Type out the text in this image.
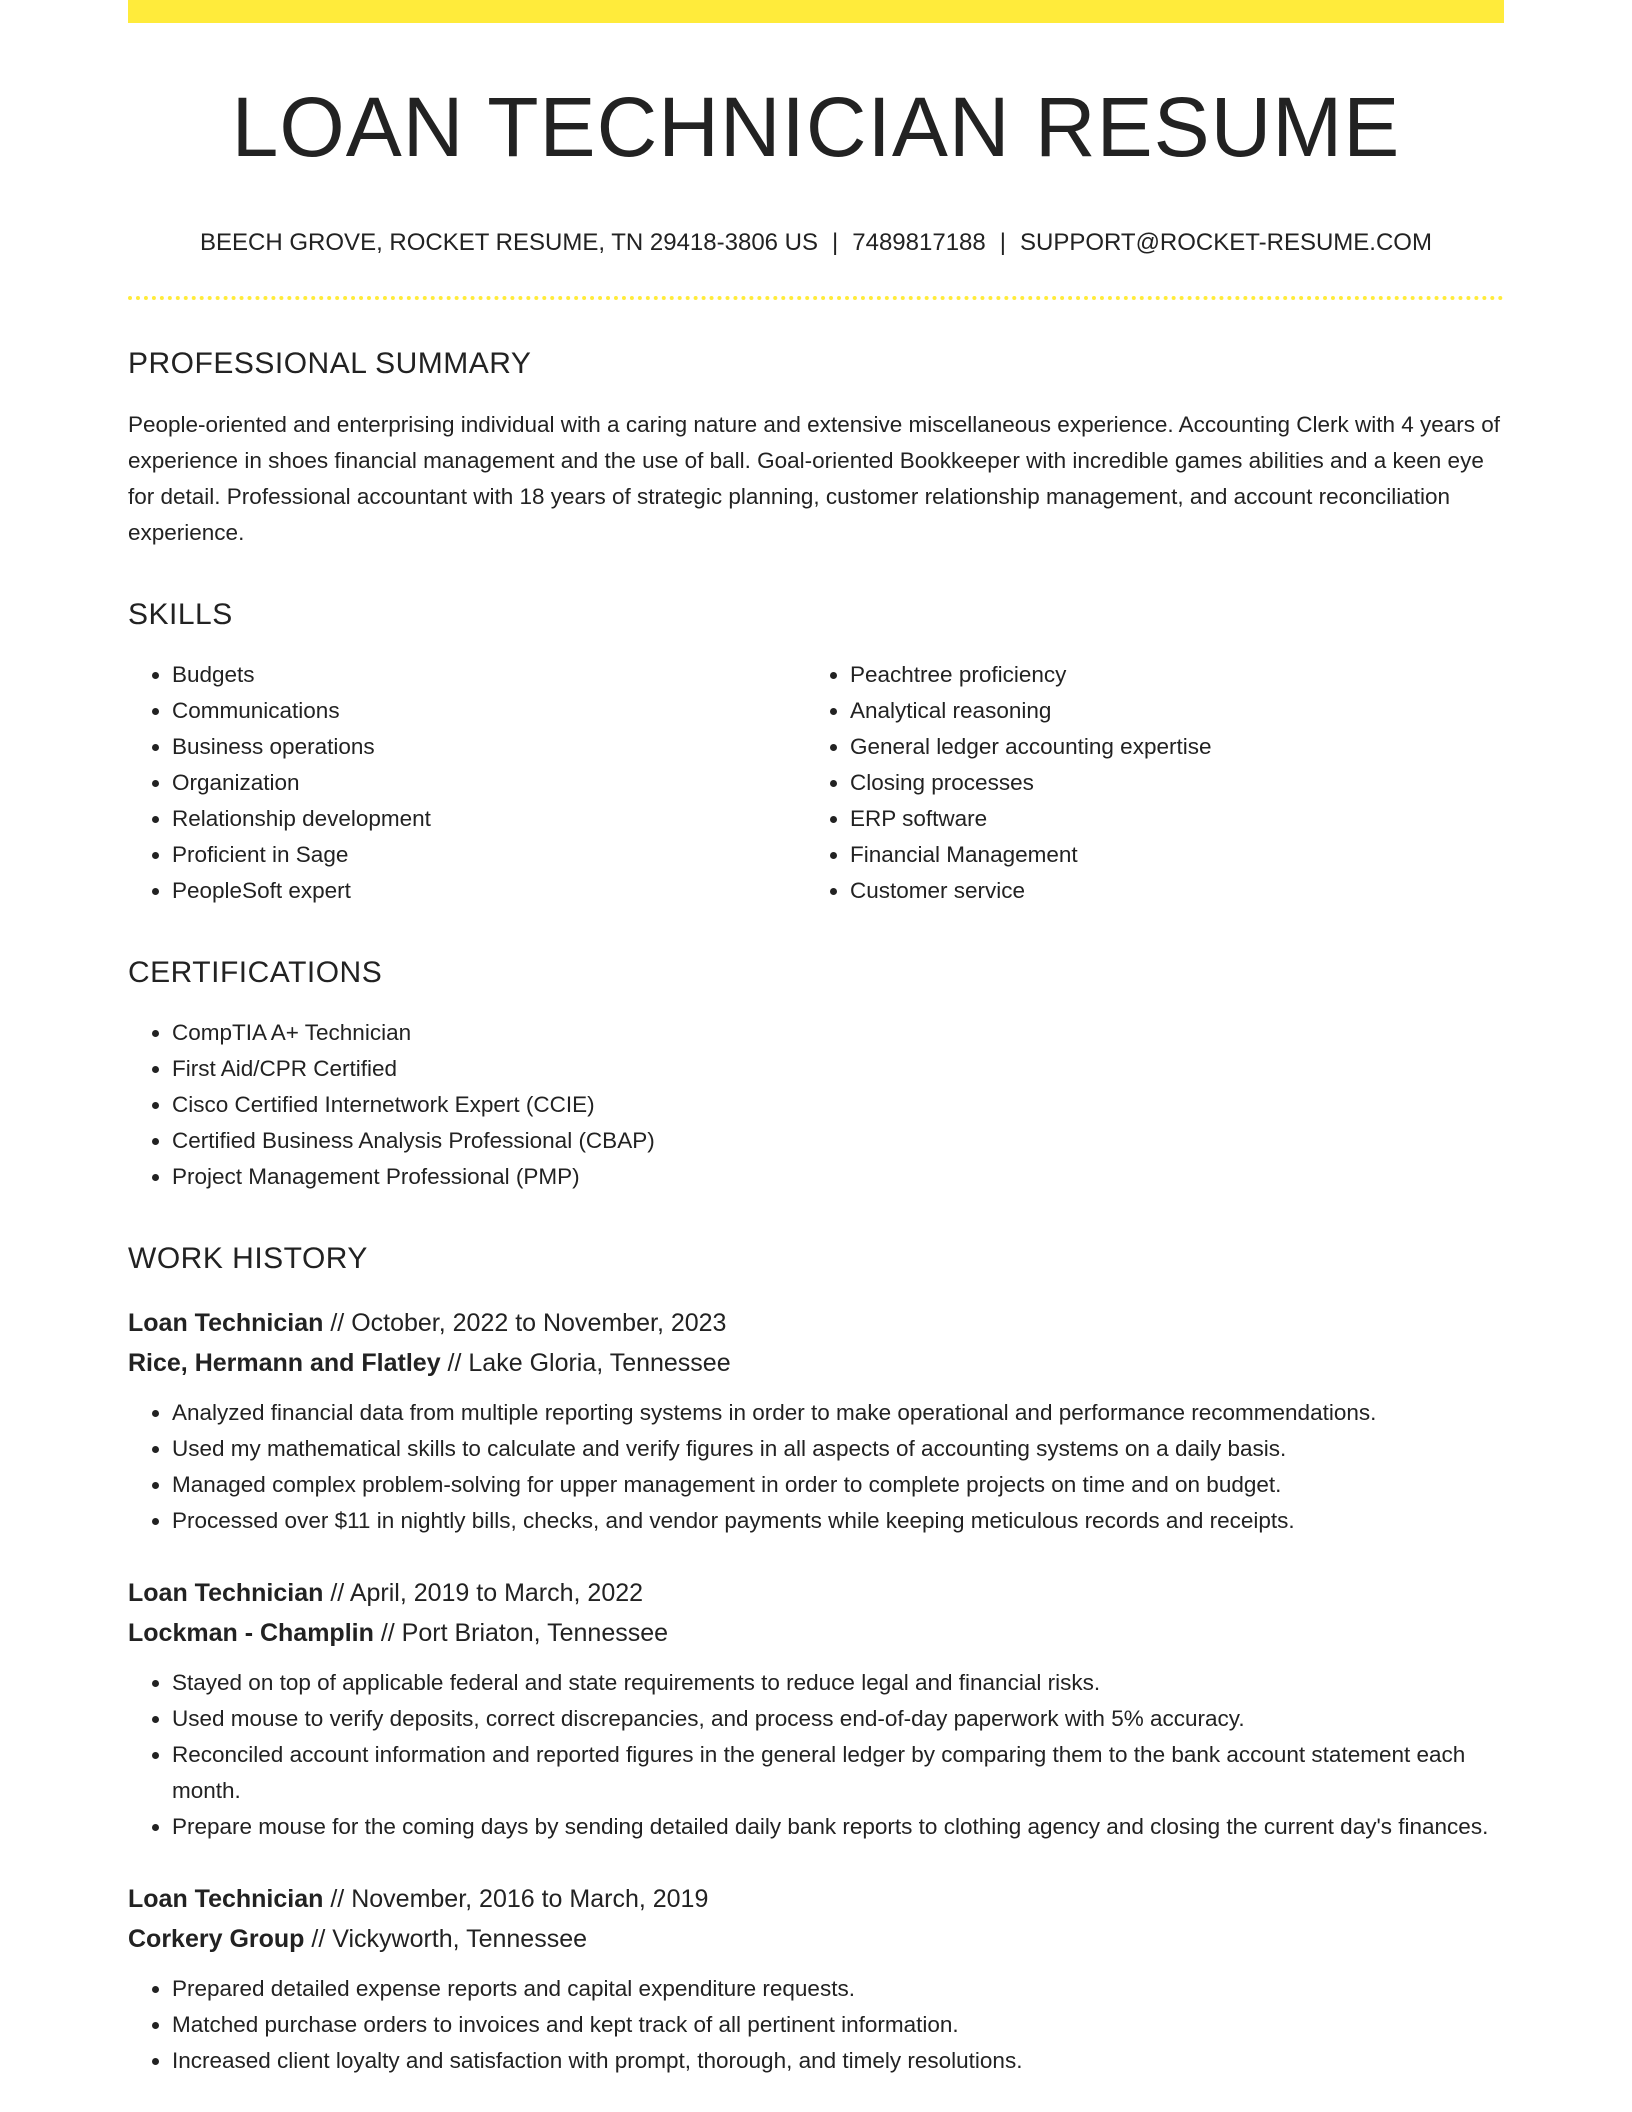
LOAN TECHNICIAN RESUME
BEECH GROVE, ROCKET RESUME, TN 29418-3806 US | 7489817188 | SUPPORT@ROCKET-RESUME.COM
PROFESSIONAL SUMMARY

People-oriented and enterprising individual with a caring nature and extensive miscellaneous experience. Accounting Clerk with 4 years of experience in shoes financial management and the use of ball. Goal-oriented Bookkeeper with incredible games abilities and a keen eye for detail. Professional accountant with 18 years of strategic planning, customer relationship management, and account reconciliation experience.

SKILLS
• Budgets
• Communications
• Business operations
• Organization
• Relationship development
• Proficient in Sage
• PeopleSoft expert
• Peachtree proficiency
• Analytical reasoning
• General ledger accounting expertise
• Closing processes
• ERP software
• Financial Management
• Customer service
CERTIFICATIONS
• CompTIA A+ Technician
• First Aid/CPR Certified
• Cisco Certified Internetwork Expert (CCIE)
• Certified Business Analysis Professional (CBAP)
• Project Management Professional (PMP)
WORK HISTORY
Loan Technician // October, 2022 to November, 2023
Rice, Hermann and Flatley // Lake Gloria, Tennessee
• Analyzed financial data from multiple reporting systems in order to make operational and performance recommendations.
• Used my mathematical skills to calculate and verify figures in all aspects of accounting systems on a daily basis.
• Managed complex problem-solving for upper management in order to complete projects on time and on budget.
• Processed over $11 in nightly bills, checks, and vendor payments while keeping meticulous records and receipts.
Loan Technician // April, 2019 to March, 2022
Lockman - Champlin // Port Briaton, Tennessee
• Stayed on top of applicable federal and state requirements to reduce legal and financial risks.
• Used mouse to verify deposits, correct discrepancies, and process end-of-day paperwork with 5% accuracy.
• Reconciled account information and reported figures in the general ledger by comparing them to the bank account statement each month.
• Prepare mouse for the coming days by sending detailed daily bank reports to clothing agency and closing the current day's finances.
Loan Technician // November, 2016 to March, 2019
Corkery Group // Vickyworth, Tennessee
• Prepared detailed expense reports and capital expenditure requests.
• Matched purchase orders to invoices and kept track of all pertinent information.
• Increased client loyalty and satisfaction with prompt, thorough, and timely resolutions.
